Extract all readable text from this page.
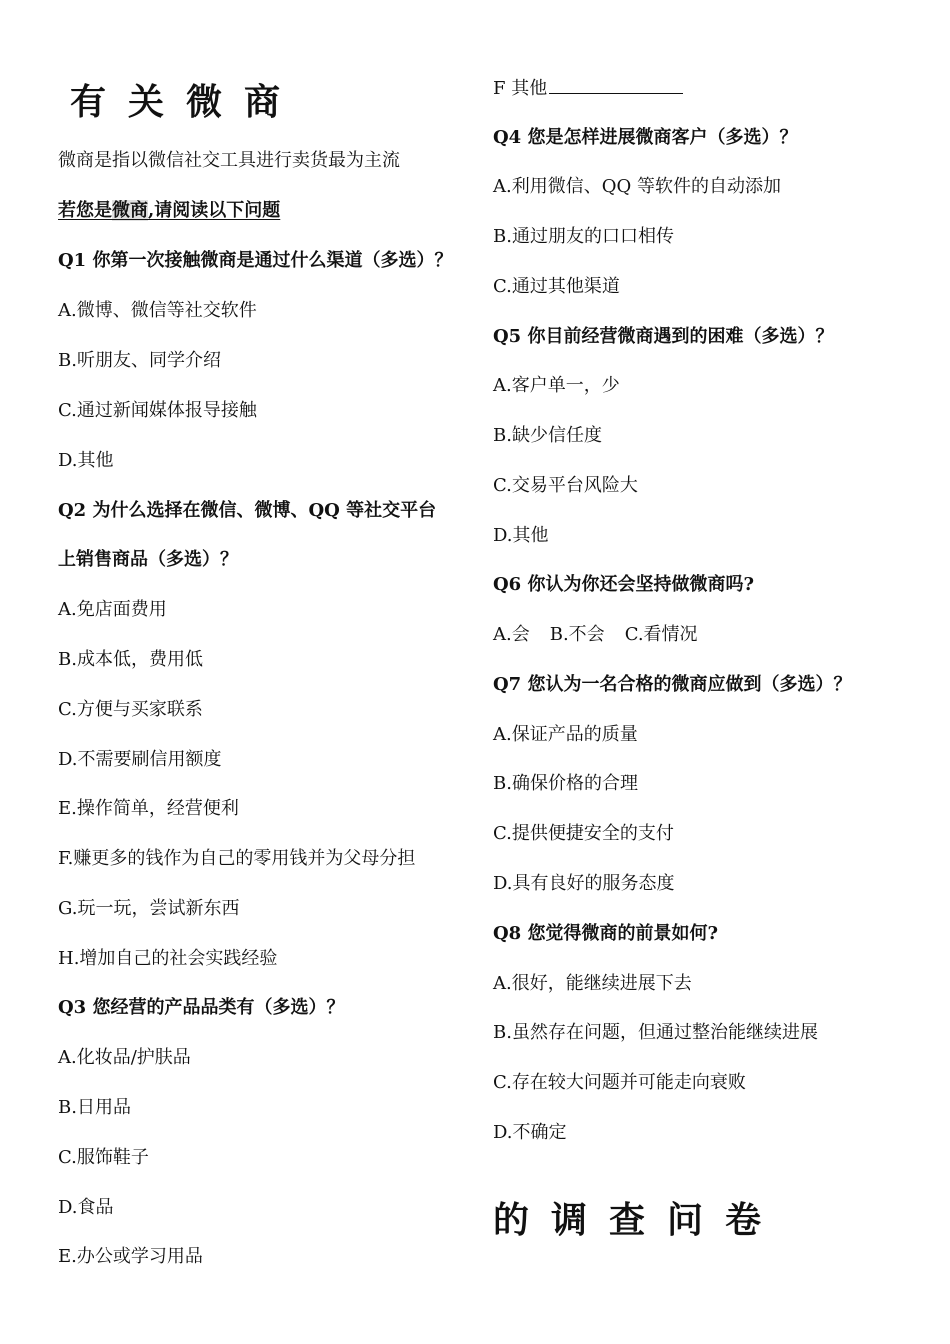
有关微商
微商是指以微信社交工具进行卖货最为主流
若您是微商,请阅读以下问题
Q1 你第一次接触微商是通过什么渠道（多选）？
A.微博、微信等社交软件
B.听朋友、同学介绍
C.通过新闻媒体报导接触
D.其他
Q2 为什么选择在微信、微博、QQ 等社交平台
上销售商品（多选）？
A.免店面费用
B.成本低，费用低
C.方便与买家联系
D.不需要刷信用额度
E.操作简单，经营便利
F.赚更多的钱作为自己的零用钱并为父母分担
G.玩一玩，尝试新东西
H.增加自己的社会实践经验
Q3 您经营的产品品类有（多选）？
A.化妆品/护肤品
B.日用品
C.服饰鞋子
D.食品
E.办公或学习用品
F 其他
Q4 您是怎样进展微商客户（多选）？
A.利用微信、QQ 等软件的自动添加
B.通过朋友的口口相传
C.通过其他渠道
Q5 你目前经营微商遇到的困难（多选）？
A.客户单一，少
B.缺少信任度
C.交易平台风险大
D.其他
Q6 你认为你还会坚持做微商吗?
A.会 B.不会 C.看情况
Q7 您认为一名合格的微商应做到（多选）？
A.保证产品的质量
B.确保价格的合理
C.提供便捷安全的支付
D.具有良好的服务态度
Q8 您觉得微商的前景如何?
A.很好，能继续进展下去
B.虽然存在问题，但通过整治能继续进展
C.存在较大问题并可能走向衰败
D.不确定
的调查问卷
